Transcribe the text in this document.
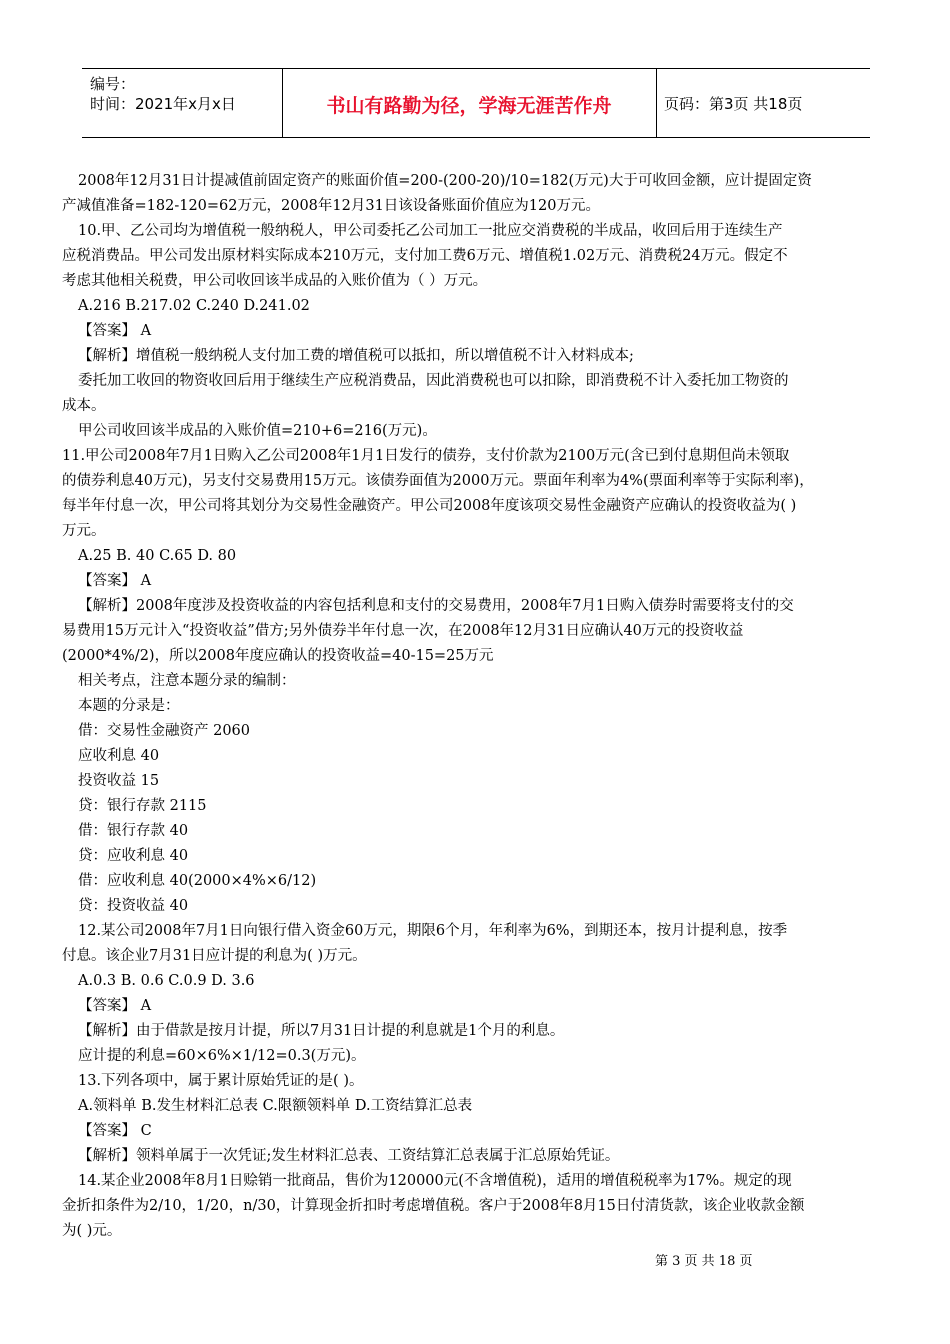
编号：
时间：2021年x月x日	书山有路勤为径，学海无涯苦作舟	页码：第3页 共18页
2008年12月31日计提减值前固定资产的账面价值=200-(200-20)/10=182(万元)大于可收回金额，应计提固定资
产减值准备=182-120=62万元，2008年12月31日该设备账面价值应为120万元。
10.甲、乙公司均为增值税一般纳税人，甲公司委托乙公司加工一批应交消费税的半成品，收回后用于连续生产
应税消费品。甲公司发出原材料实际成本210万元，支付加工费6万元、增值税1.02万元、消费税24万元。假定不
考虑其他相关税费，甲公司收回该半成品的入账价值为（ ）万元。
A.216 B.217.02 C.240 D.241.02
【答案】 A
【解析】增值税一般纳税人支付加工费的增值税可以抵扣，所以增值税不计入材料成本;
委托加工收回的物资收回后用于继续生产应税消费品，因此消费税也可以扣除，即消费税不计入委托加工物资的
成本。
甲公司收回该半成品的入账价值=210+6=216(万元)。
11.甲公司2008年7月1日购入乙公司2008年1月1日发行的债券，支付价款为2100万元(含已到付息期但尚未领取
的债券利息40万元)，另支付交易费用15万元。该债券面值为2000万元。票面年利率为4%(票面利率等于实际利率)，
每半年付息一次，甲公司将其划分为交易性金融资产。甲公司2008年度该项交易性金融资产应确认的投资收益为( )
万元。
A.25 B. 40 C.65 D. 80
【答案】 A
【解析】2008年度涉及投资收益的内容包括利息和支付的交易费用，2008年7月1日购入债券时需要将支付的交
易费用15万元计入“投资收益”借方;另外债券半年付息一次，在2008年12月31日应确认40万元的投资收益
(2000*4%/2)，所以2008年度应确认的投资收益=40-15=25万元
相关考点，注意本题分录的编制：
本题的分录是：
借：交易性金融资产 2060
应收利息 40
投资收益 15
贷：银行存款 2115
借：银行存款 40
贷：应收利息 40
借：应收利息 40(2000×4%×6/12)
贷：投资收益 40
12.某公司2008年7月1日向银行借入资金60万元，期限6个月，年利率为6%，到期还本，按月计提利息，按季
付息。该企业7月31日应计提的利息为( )万元。
A.0.3 B. 0.6 C.0.9 D. 3.6
【答案】 A
【解析】由于借款是按月计提，所以7月31日计提的利息就是1个月的利息。
应计提的利息=60×6%×1/12=0.3(万元)。
13.下列各项中，属于累计原始凭证的是( )。
A.领料单 B.发生材料汇总表 C.限额领料单 D.工资结算汇总表
【答案】 C
【解析】领料单属于一次凭证;发生材料汇总表、工资结算汇总表属于汇总原始凭证。
14.某企业2008年8月1日赊销一批商品，售价为120000元(不含增值税)，适用的增值税税率为17%。规定的现
金折扣条件为2/10，1/20，n/30，计算现金折扣时考虑增值税。客户于2008年8月15日付清货款，该企业收款金额
为( )元。
第 3 页 共 18 页
